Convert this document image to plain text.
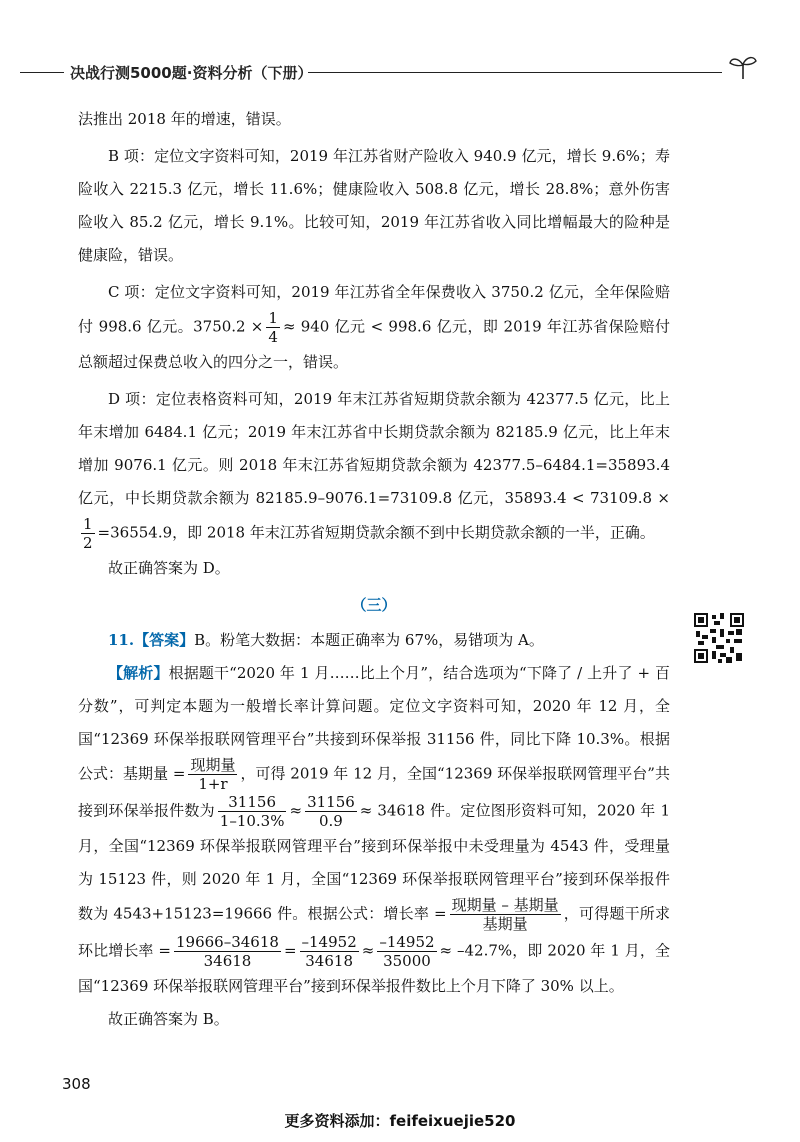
决战行测5000题·资料分析（下册）

法推出 2018 年的增速，错误。

B 项：定位文字资料可知，2019 年江苏省财产险收入 940.9 亿元，增长 9.6%；寿险收入 2215.3 亿元，增长 11.6%；健康险收入 508.8 亿元，增长 28.8%；意外伤害险收入 85.2 亿元，增长 9.1%。比较可知，2019 年江苏省收入同比增幅最大的险种是健康险，错误。

C 项：定位文字资料可知，2019 年江苏省全年保费收入 3750.2 亿元，全年保险赔付 998.6 亿元。$3750.2 \times \frac{1}{4} \approx 940$ 亿元 < 998.6 亿元，即 2019 年江苏省保险赔付总额超过保费总收入的四分之一，错误。

D 项：定位表格资料可知，2019 年末江苏省短期贷款余额为 42377.5 亿元，比上年末增加 6484.1 亿元；2019 年末江苏省中长期贷款余额为 82185.9 亿元，比上年末增加 9076.1 亿元。则 2018 年末江苏省短期贷款余额为 42377.5–6484.1=35893.4 亿元，中长期贷款余额为 82185.9–9076.1=73109.8 亿元，35893.4 < 73109.8 ×
$\frac{1}{2} =36554.9$，即 2018 年末江苏省短期贷款余额不到中长期贷款余额的一半，正确。

故正确答案为 D。

（三）

11.【答案】B。粉笔大数据：本题正确率为 67%，易错项为 A。

【解析】根据题干“2020 年 1 月……比上个月”，结合选项为“下降了 / 上升了 + 百分数”，可判定本题为一般增长率计算问题。定位文字资料可知，2020 年 12 月，全国“12369 环保举报联网管理平台”共接到环保举报 31156 件，同比下降 10.3%。根据公式：基期量 = $\frac{\text{现期量}}{1+r}$ ，可得 2019 年 12 月，全国“12369 环保举报联网管理平台”共接到环保举报件数为 $\frac{31156}{1-10.3\%} \approx \frac{31156}{0.9} \approx 34618$ 件。定位图形资料可知，2020 年 1 月，全国“12369 环保举报联网管理平台”接到环保举报中未受理量为 4543 件，受理量为 15123 件，则 2020 年 1 月，全国“12369 环保举报联网管理平台”接到环保举报件数为 4543+15123=19666 件。根据公式：增长率 = $\frac{\text{现期量 – 基期量}}{\text{基期量}}$ ，可得题干所求环比增长率 = $\frac{19666-34618}{34618} = \frac{-14952}{34618} \approx \frac{-14952}{35000} \approx -42.7\%$，即 2020 年 1 月，全国“12369 环保举报联网管理平台”接到环保举报件数比上个月下降了 30% 以上。

故正确答案为 B。

308
更多资料添加：feifeixuejie520
